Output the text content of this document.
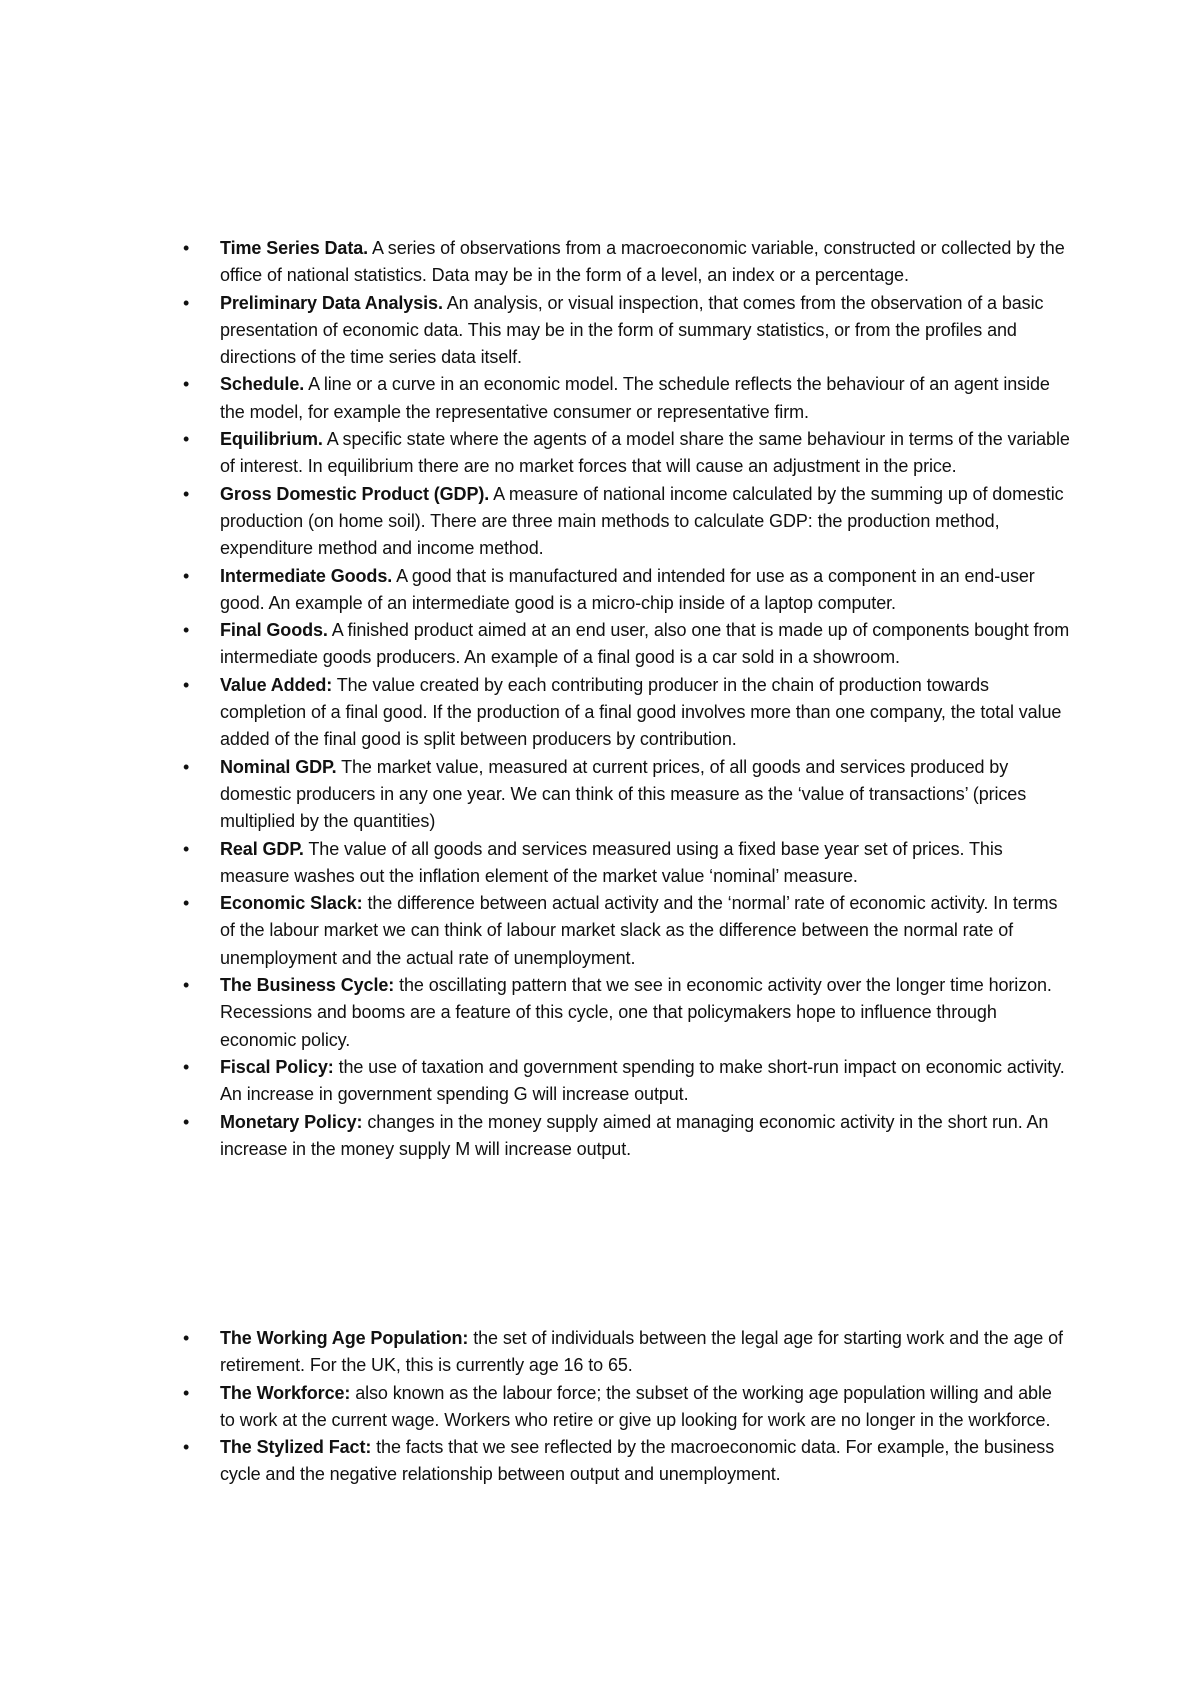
• Time Series Data. A series of observations from a macroeconomic variable, constructed or collected by the office of national statistics. Data may be in the form of a level, an index or a percentage.
• Preliminary Data Analysis. An analysis, or visual inspection, that comes from the observation of a basic presentation of economic data. This may be in the form of summary statistics, or from the profiles and directions of the time series data itself.
• Schedule. A line or a curve in an economic model. The schedule reflects the behaviour of an agent inside the model, for example the representative consumer or representative firm.
• Equilibrium. A specific state where the agents of a model share the same behaviour in terms of the variable of interest. In equilibrium there are no market forces that will cause an adjustment in the price.
• Gross Domestic Product (GDP). A measure of national income calculated by the summing up of domestic production (on home soil). There are three main methods to calculate GDP: the production method, expenditure method and income method.
• Intermediate Goods. A good that is manufactured and intended for use as a component in an end-user good. An example of an intermediate good is a micro-chip inside of a laptop computer.
• Final Goods. A finished product aimed at an end user, also one that is made up of components bought from intermediate goods producers. An example of a final good is a car sold in a showroom.
• Value Added: The value created by each contributing producer in the chain of production towards completion of a final good. If the production of a final good involves more than one company, the total value added of the final good is split between producers by contribution.
• Nominal GDP. The market value, measured at current prices, of all goods and services produced by domestic producers in any one year. We can think of this measure as the ‘value of transactions’ (prices multiplied by the quantities)
• Real GDP. The value of all goods and services measured using a fixed base year set of prices. This measure washes out the inflation element of the market value ‘nominal’ measure.
• Economic Slack: the difference between actual activity and the ‘normal’ rate of economic activity. In terms of the labour market we can think of labour market slack as the difference between the normal rate of unemployment and the actual rate of unemployment.
• The Business Cycle: the oscillating pattern that we see in economic activity over the longer time horizon. Recessions and booms are a feature of this cycle, one that policymakers hope to influence through economic policy.
• Fiscal Policy: the use of taxation and government spending to make short-run impact on economic activity. An increase in government spending G will increase output.
• Monetary Policy: changes in the money supply aimed at managing economic activity in the short run. An increase in the money supply M will increase output.
• The Working Age Population: the set of individuals between the legal age for starting work and the age of retirement. For the UK, this is currently age 16 to 65.
• The Workforce: also known as the labour force; the subset of the working age population willing and able to work at the current wage. Workers who retire or give up looking for work are no longer in the workforce.
• The Stylized Fact: the facts that we see reflected by the macroeconomic data. For example, the business cycle and the negative relationship between output and unemployment.
